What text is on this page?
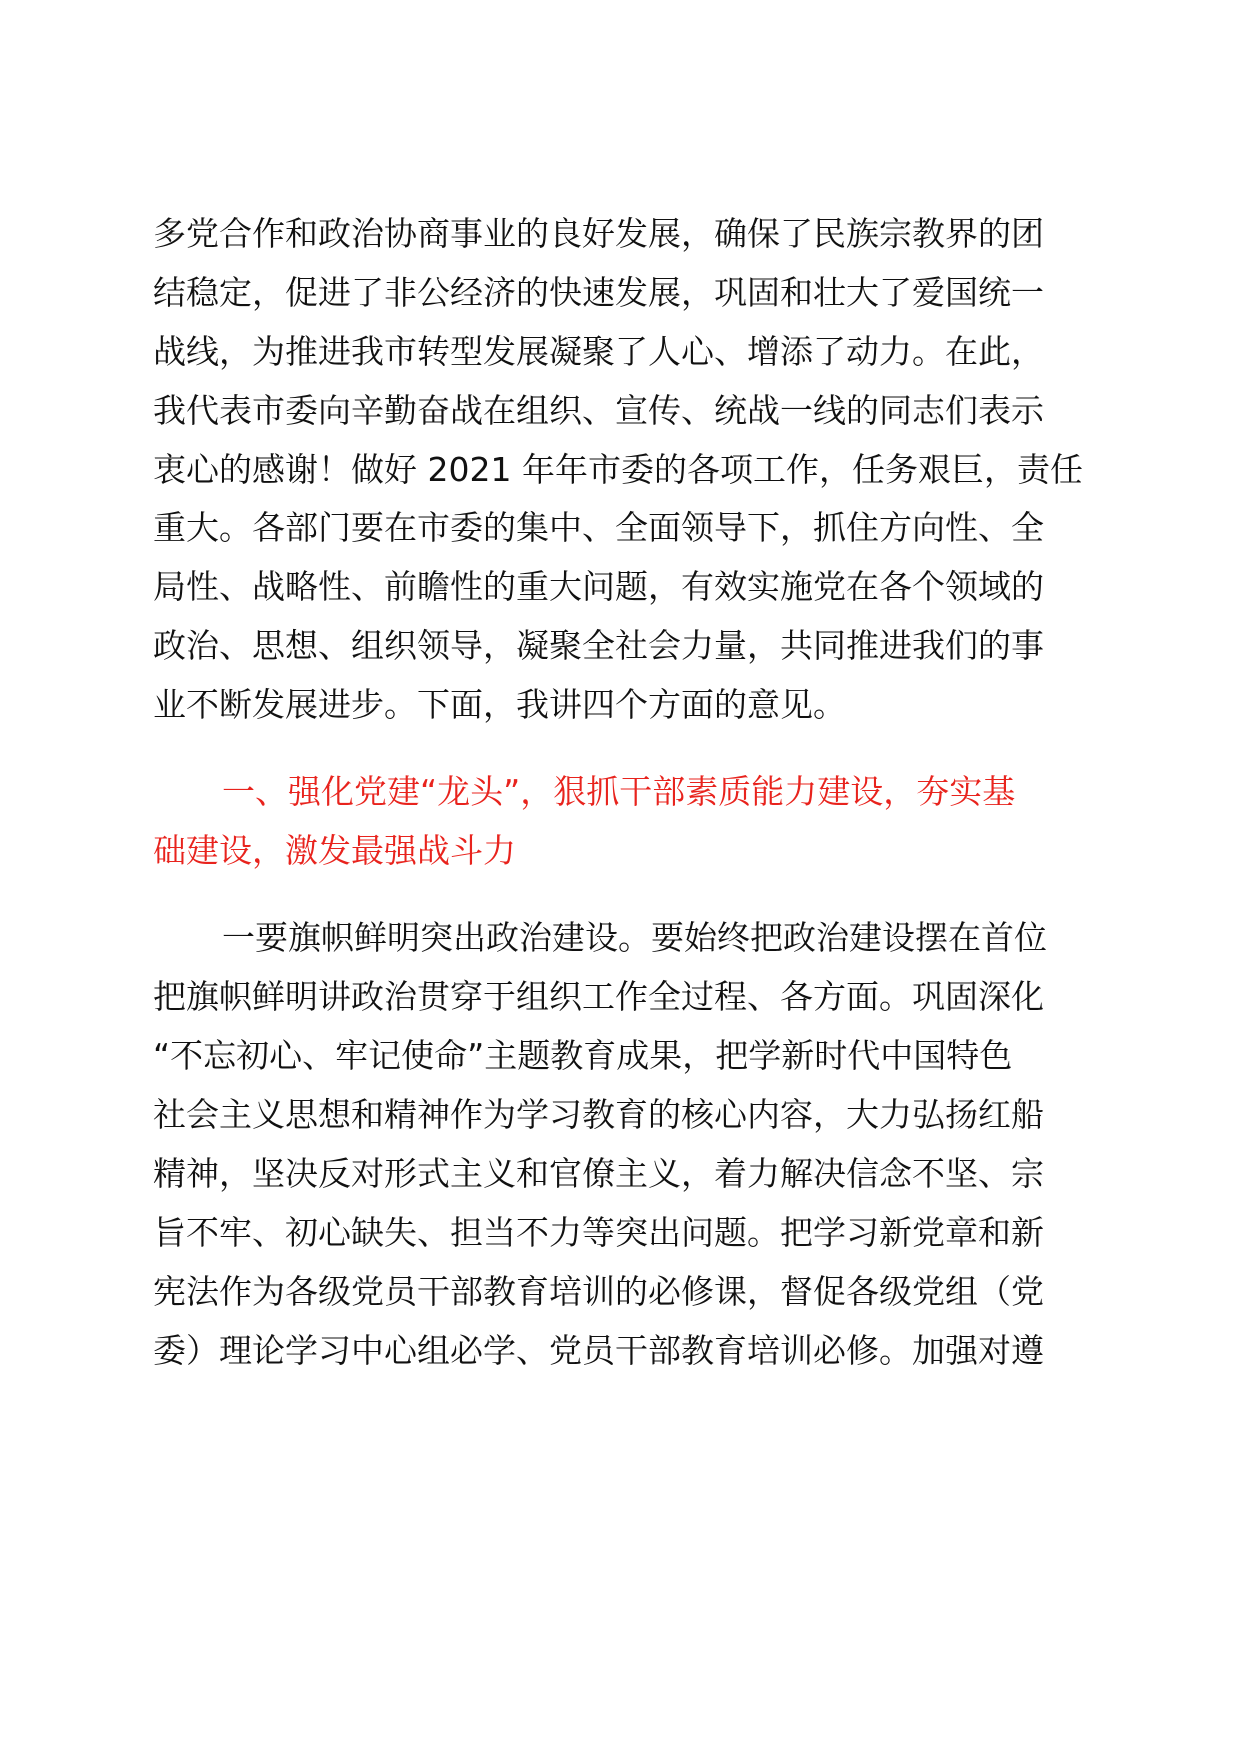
多党合作和政治协商事业的良好发展，确保了民族宗教界的团
结稳定，促进了非公经济的快速发展，巩固和壮大了爱国统一
战线，为推进我市转型发展凝聚了人心、增添了动力。在此，
我代表市委向辛勤奋战在组织、宣传、统战一线的同志们表示
衷心的感谢！做好 2021 年年市委的各项工作，任务艰巨，责任
重大。各部门要在市委的集中、全面领导下，抓住方向性、全
局性、战略性、前瞻性的重大问题，有效实施党在各个领域的
政治、思想、组织领导，凝聚全社会力量，共同推进我们的事
业不断发展进步。下面，我讲四个方面的意见。
一、强化党建“龙头”，狠抓干部素质能力建设，夯实基
础建设，激发最强战斗力
一要旗帜鲜明突出政治建设。要始终把政治建设摆在首位
把旗帜鲜明讲政治贯穿于组织工作全过程、各方面。巩固深化
“不忘初心、牢记使命”主题教育成果，把学新时代中国特色
社会主义思想和精神作为学习教育的核心内容，大力弘扬红船
精神，坚决反对形式主义和官僚主义，着力解决信念不坚、宗
旨不牢、初心缺失、担当不力等突出问题。把学习新党章和新
宪法作为各级党员干部教育培训的必修课，督促各级党组（党
委）理论学习中心组必学、党员干部教育培训必修。加强对遵
